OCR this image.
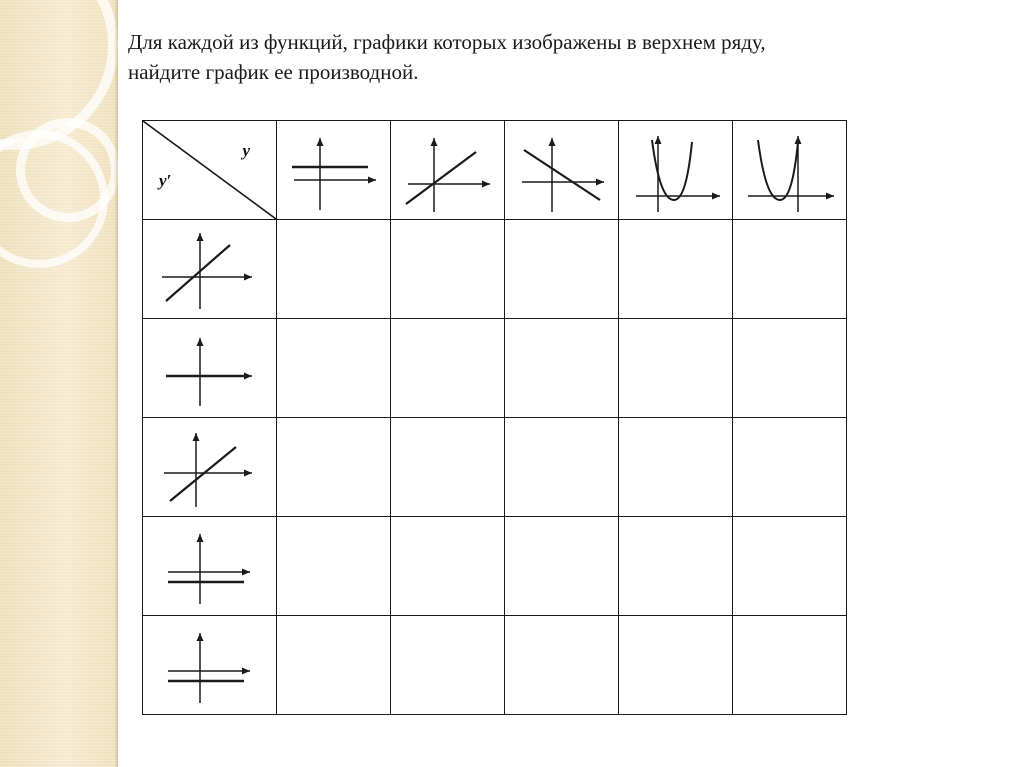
Для каждой из функций, графики которых изображены в верхнем ряду,
найдите график ее производной.
y
y′
